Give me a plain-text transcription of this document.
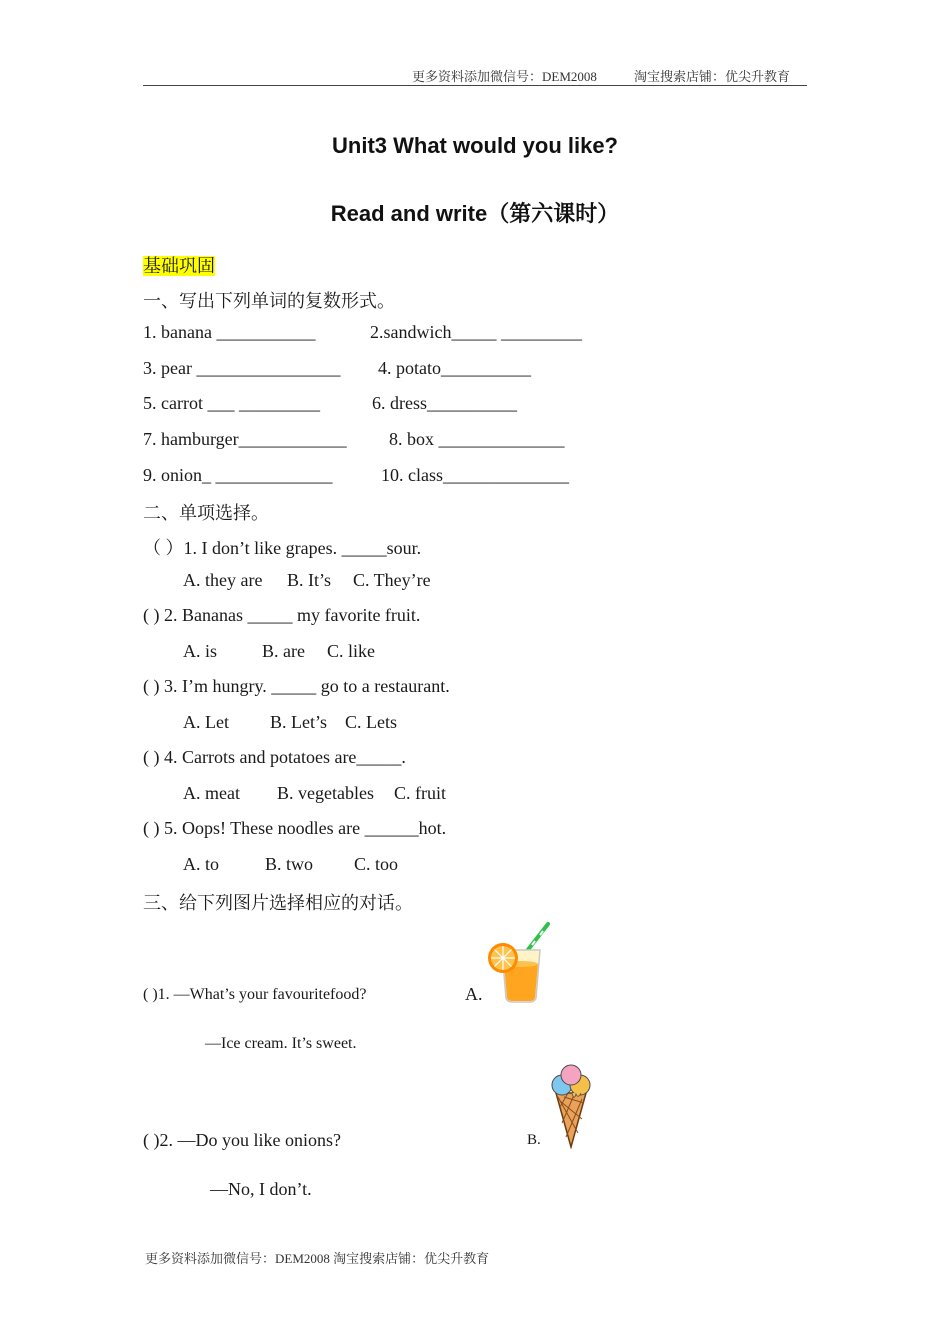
更多资料添加微信号：DEM2008	淘宝搜索店铺：优尖升教育
Unit3 What would you like?
Read and write（第六课时）
基础巩固
一、写出下列单词的复数形式。
1. banana ___________	2.sandwich_____ _________
3. pear ________________ 4. potato__________
5. carrot ___ _________	6. dress__________
7. hamburger____________ 8. box ______________
9. onion_ _____________	10. class______________
二、单项选择。
（ ）1. I don’t like grapes. _____sour.
A. they are B. It’s C. They’re
( ) 2. Bananas _____ my favorite fruit.
A. is B. are C. like
( ) 3. I’m hungry. _____ go to a restaurant.
A. Let B. Let’s C. Lets
( ) 4. Carrots and potatoes are_____.
A. meat B. vegetables C. fruit
( ) 5. Oops! These noodles are ______hot.
A. to	B. two C. too
三、给下列图片选择相应的对话。
( )1. —What’s your favouritefood?
—Ice cream. It’s sweet.
( )2. —Do you like onions?
—No, I don’t.
A.
B.
更多资料添加微信号：DEM2008 淘宝搜索店铺：优尖升教育
